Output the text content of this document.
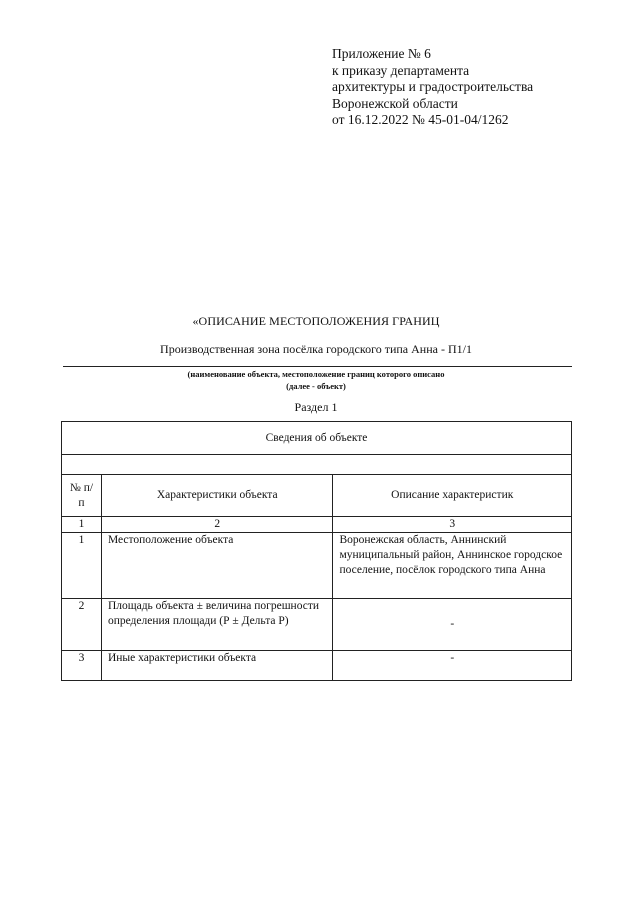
Приложение № 6
к приказу департамента
архитектуры и градостроительства
Воронежской области
от 16.12.2022 № 45-01-04/1262
«ОПИСАНИЕ МЕСТОПОЛОЖЕНИЯ ГРАНИЦ
Производственная зона посёлка городского типа Анна - П1/1
(наименование объекта, местоположение границ которого описано
(далее - объект)
Раздел 1
Сведения об объекте		

№ п/п	Характеристики объекта	Описание характеристик
1	2	3
1	Местоположение объекта	Воронежская область, Аннинский муниципальный район, Аннинское городское поселение, посёлок городского типа Анна
2	Площадь объекта ± величина погрешности определения площади (Р ± Дельта Р)	-
3	Иные характеристики объекта	-
